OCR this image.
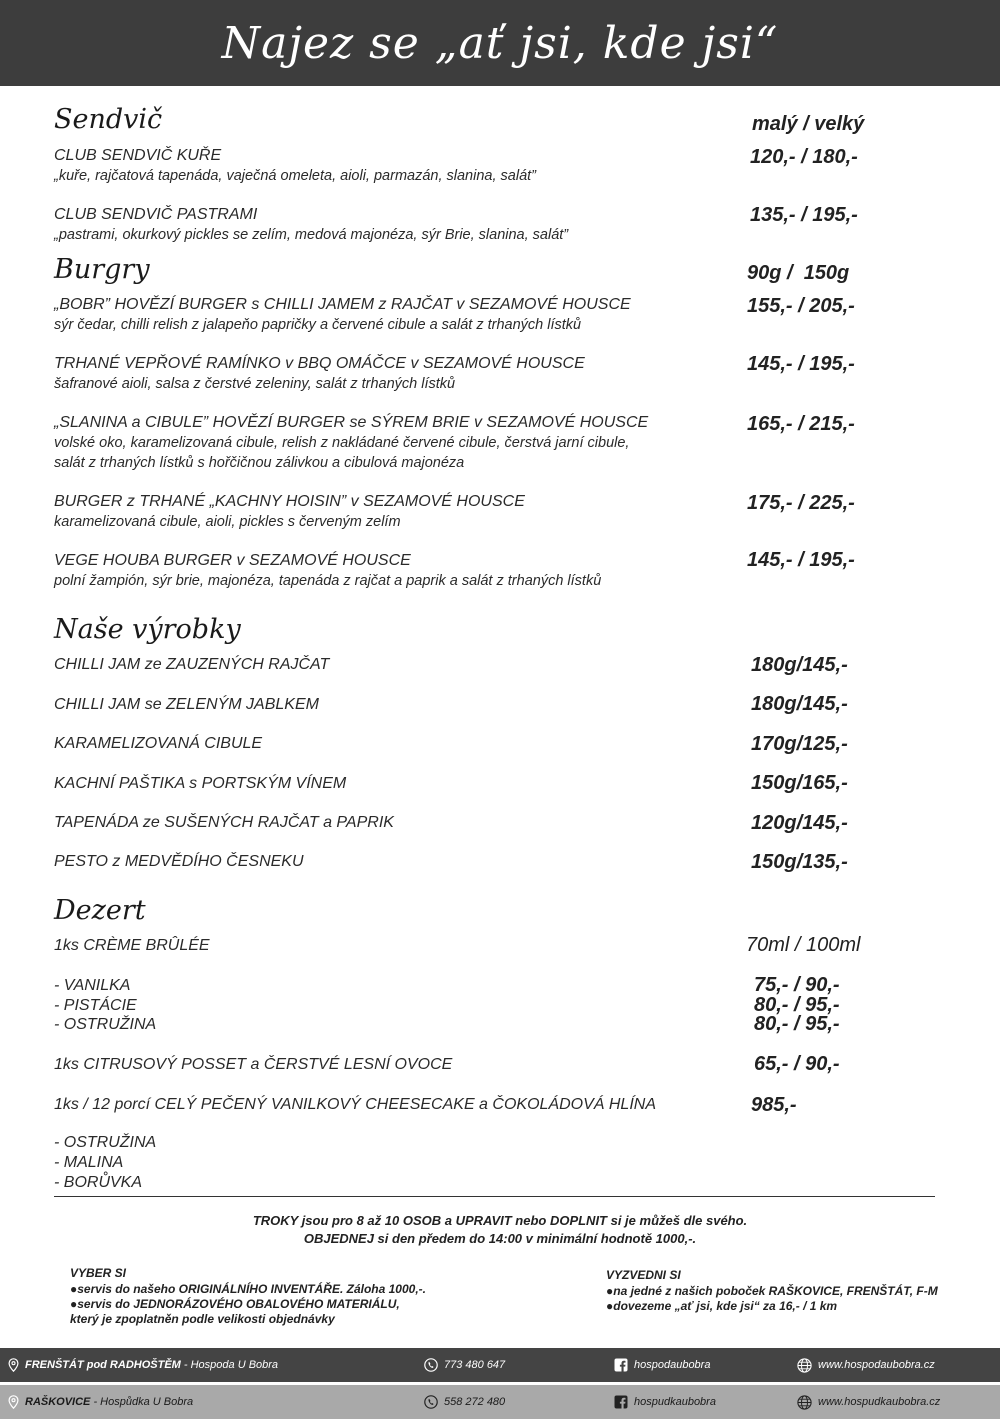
Najez se „ať jsi, kde jsi“
Sendvič	malý / velký
CLUB SENDVIČ KUŘE
„kuře, rajčatová tapenáda, vaječná omeleta, aioli, parmazán, slanina, salát”
120,- / 180,-
CLUB SENDVIČ PASTRAMI
„pastrami, okurkový pickles se zelím, medová majonéza, sýr Brie, slanina, salát”
135,- / 195,-
Burgry	90g /  150g
„BOBR” HOVĚZÍ BURGER s CHILLI JAMEM z RAJČAT v SEZAMOVÉ HOUSCE
sýr čedar, chilli relish z jalapeňo papričky a červené cibule a salát z trhaných lístků
155,- / 205,-
TRHANÉ VEPŘOVÉ RAMÍNKO v BBQ OMÁČCE v SEZAMOVÉ HOUSCE
šafranové aioli, salsa z čerstvé zeleniny, salát z trhaných lístků
145,- / 195,-
„SLANINA a CIBULE” HOVĚZÍ BURGER se SÝREM BRIE v SEZAMOVÉ HOUSCE
volské oko, karamelizovaná cibule, relish z nakládané červené cibule, čerstvá jarní cibule,
salát z trhaných lístků s hořčičnou zálivkou a cibulová majonéza
165,- / 215,-
BURGER z TRHANÉ „KACHNY HOISIN” v SEZAMOVÉ HOUSCE
karamelizovaná cibule, aioli, pickles s červeným zelím
175,- / 225,-
VEGE HOUBA BURGER v SEZAMOVÉ HOUSCE
polní žampión, sýr brie, majonéza, tapenáda z rajčat a paprik a salát z trhaných lístků
145,- / 195,-
Naše výrobky
CHILLI JAM ze ZAUZENÝCH RAJČAT	180g/145,-
CHILLI JAM se ZELENÝM JABLKEM	180g/145,-
KARAMELIZOVANÁ CIBULE	170g/125,-
KACHNÍ PAŠTIKA s PORTSKÝM VÍNEM	150g/165,-
TAPENÁDA ze SUŠENÝCH RAJČAT a PAPRIK	120g/145,-
PESTO z MEDVĚDÍHO ČESNEKU	150g/135,-
Dezert
1ks CRÈME BRÛLÉE	70ml / 100ml
- VANILKA	75,- / 90,-
- PISTÁCIE	80,- / 95,-
- OSTRUŽINA	80,- / 95,-
1ks CITRUSOVÝ POSSET a ČERSTVÉ LESNÍ OVOCE	65,- / 90,-
1ks / 12 porcí CELÝ PEČENÝ VANILKOVÝ CHEESECAKE a ČOKOLÁDOVÁ HLÍNA	985,-
- OSTRUŽINA
- MALINA
- BORŮVKA
TROKY jsou pro 8 až 10 OSOB a UPRAVIT nebo DOPLNIT si je můžeš dle svého.
OBJEDNEJ si den předem do 14:00 v minimální hodnotě 1000,-.
VYBER SI
●servis do našeho ORIGINÁLNÍHO INVENTÁŘE. Záloha 1000,-.
●servis do JEDNORÁZOVÉHO OBALOVÉHO MATERIÁLU,
který je zpoplatněn podle velikosti objednávky
VYZVEDNI SI
●na jedné z našich poboček RAŠKOVICE, FRENŠTÁT, F-M
●dovezeme „ať jsi, kde jsi“ za 16,- / 1 km
FRENŠTÁT pod RADHOŠTĚM - Hospoda U Bobra	773 480 647	hospodaubobra	www.hospodaubobra.cz
RAŠKOVICE - Hospůdka U Bobra	558 272 480	hospudkaubobra	www.hospudkaubobra.cz
